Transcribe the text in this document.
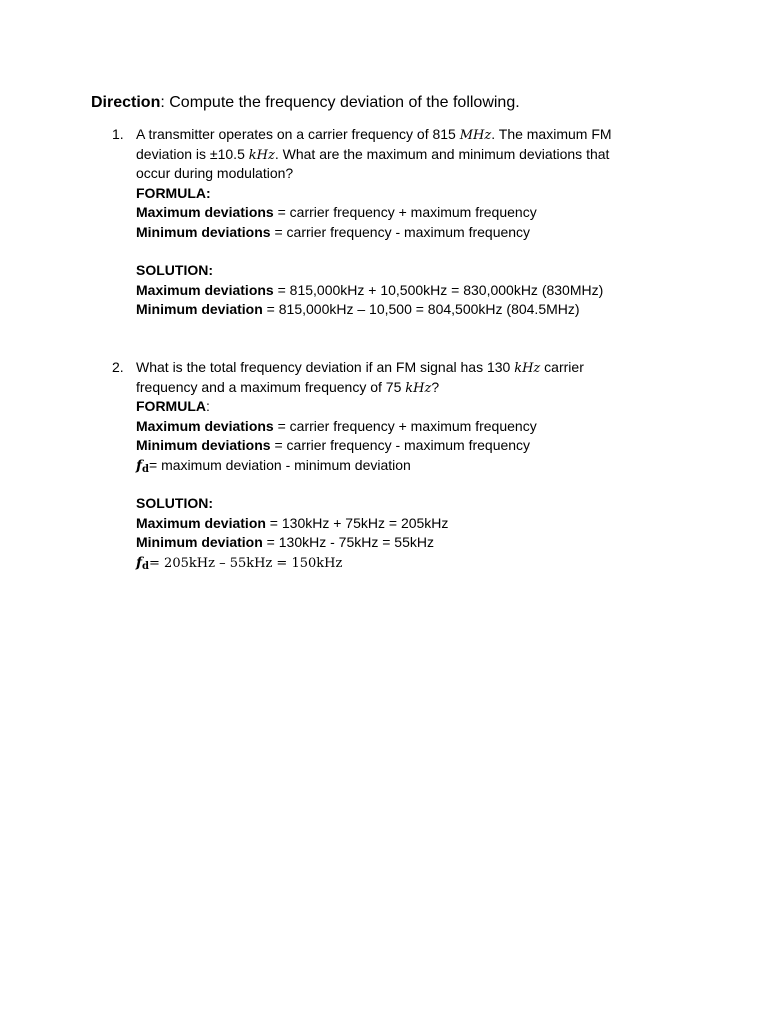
Direction: Compute the frequency deviation of the following.
1. A transmitter operates on a carrier frequency of 815 MHz. The maximum FM
deviation is ±10.5 kHz. What are the maximum and minimum deviations that
occur during modulation?
FORMULA:
Maximum deviations = carrier frequency + maximum frequency
Minimum deviations = carrier frequency - maximum frequency
SOLUTION:
Maximum deviations = 815,000kHz + 10,500kHz = 830,000kHz (830MHz)
Minimum deviation = 815,000kHz – 10,500 = 804,500kHz (804.5MHz)
2. What is the total frequency deviation if an FM signal has 130 kHz carrier
frequency and a maximum frequency of 75 kHz?
FORMULA:
Maximum deviations = carrier frequency + maximum frequency
Minimum deviations = carrier frequency - maximum frequency
$f_d=$ maximum deviation - minimum deviation
SOLUTION:
Maximum deviation = 130kHz + 75kHz = 205kHz
Minimum deviation = 130kHz - 75kHz = 55kHz
$f_d= 205kHz - 55kHz = 150kHz$
